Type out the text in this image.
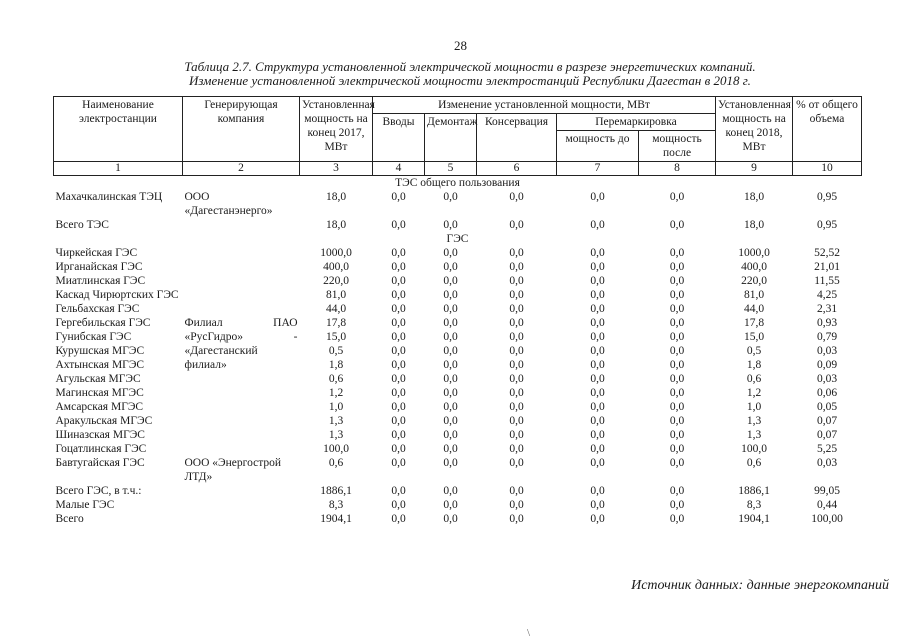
28
Таблица 2.7. Структура установленной электрической мощности в разрезе энергетических компаний.
Изменение установленной электрической мощности электростанций Республики Дагестан в 2018 г.
Наименование электростанции	Генерирующая компания	Установленная мощность на конец 2017, МВт	Изменение установленной мощности, МВт					Установленная мощность на конец 2018, МВт	% от общего объема
			Вводы	Демонтаж	Консервация	Перемаркировка			
						мощность до	мощность после		
1	2	3	4	5	6	7	8	9	10
ТЭС общего пользования									
Махачкалинская ТЭЦ	ООО «Дагестанэнерго»	18,0	0,0	0,0	0,0	0,0	0,0	18,0	0,95
Всего ТЭС		18,0	0,0	0,0	0,0	0,0	0,0	18,0	0,95
ГЭС									
Чиркейская ГЭС		1000,0	0,0	0,0	0,0	0,0	0,0	1000,0	52,52
Ирганайская ГЭС		400,0	0,0	0,0	0,0	0,0	0,0	400,0	21,01
Миатлинская ГЭС		220,0	0,0	0,0	0,0	0,0	0,0	220,0	11,55
Каскад Чирюртских ГЭС		81,0	0,0	0,0	0,0	0,0	0,0	81,0	4,25
Гельбахская ГЭС		44,0	0,0	0,0	0,0	0,0	0,0	44,0	2,31
Гергебильская ГЭС	Филиал ПАО	17,8	0,0	0,0	0,0	0,0	0,0	17,8	0,93
Гунибская ГЭС	«РусГидро» -	15,0	0,0	0,0	0,0	0,0	0,0	15,0	0,79
Курушская МГЭС	«Дагестанский	0,5	0,0	0,0	0,0	0,0	0,0	0,5	0,03
Ахтынская МГЭС	филиал»	1,8	0,0	0,0	0,0	0,0	0,0	1,8	0,09
Агульская МГЭС		0,6	0,0	0,0	0,0	0,0	0,0	0,6	0,03
Магинская МГЭС		1,2	0,0	0,0	0,0	0,0	0,0	1,2	0,06
Амсарская МГЭС		1,0	0,0	0,0	0,0	0,0	0,0	1,0	0,05
Аракульская МГЭС		1,3	0,0	0,0	0,0	0,0	0,0	1,3	0,07
Шиназская МГЭС		1,3	0,0	0,0	0,0	0,0	0,0	1,3	0,07
Гоцатлинская ГЭС		100,0	0,0	0,0	0,0	0,0	0,0	100,0	5,25
Бавтугайская ГЭС	ООО «Энергострой ЛТД»	0,6	0,0	0,0	0,0	0,0	0,0	0,6	0,03
Всего ГЭС, в т.ч.:		1886,1	0,0	0,0	0,0	0,0	0,0	1886,1	99,05
Малые ГЭС		8,3	0,0	0,0	0,0	0,0	0,0	8,3	0,44
Всего		1904,1	0,0	0,0	0,0	0,0	0,0	1904,1	100,00
Источник данных: данные энергокомпаний
\
